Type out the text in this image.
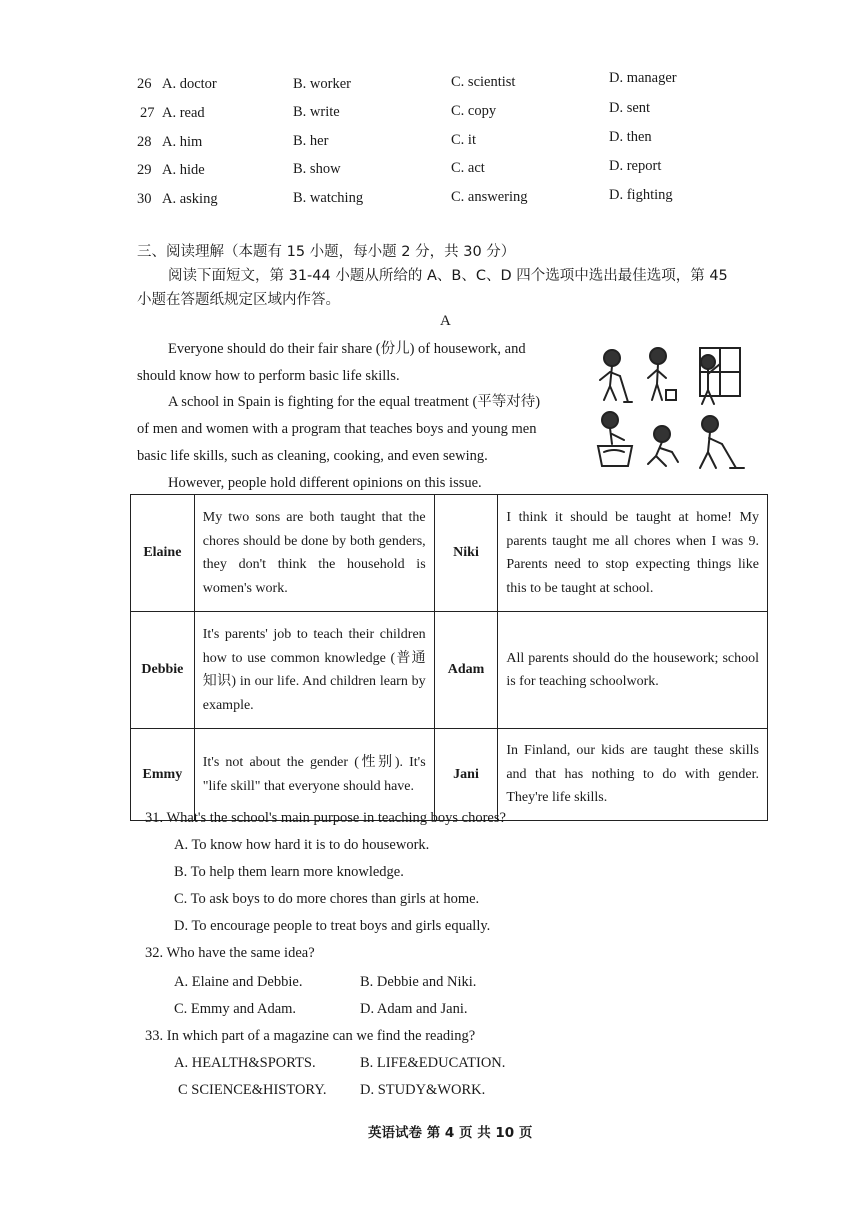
26 A. doctor	B. worker	C. scientist	D. manager
27 A. read	B. write	C. copy	D. sent
28 A. him	B. her	C. it	D. then
29 A. hide	B. show	C. act	D. report
30 A. asking	B. watching	C. answering	D. fighting
三、阅读理解（本题有 15 小题，每小题 2 分，共 30 分）
阅读下面短文，第 31-44 小题从所给的 A、B、C、D 四个选项中选出最佳选项，第 45
小题在答题纸规定区域内作答。
A
Everyone should do their fair share (份儿) of housework, and
should know how to perform basic life skills.
A school in Spain is fighting for the equal treatment (平等对待)
of men and women with a program that teaches boys and young men
basic life skills, such as cleaning, cooking, and even sewing.
However, people hold different opinions on this issue.
Elaine	My two sons are both taught that the chores should be done by both genders, they don't think the household is women's work.	Niki	I think it should be taught at home! My parents taught me all chores when I was 9. Parents need to stop expecting things like this to be taught at school.
Debbie	It's parents' job to teach their children how to use common knowledge (普通知识) in our life. And children learn by example.	Adam	All parents should do the housework; school is for teaching schoolwork.
Emmy	It's not about the gender (性别). It's "life skill" that everyone should have.	Jani	In Finland, our kids are taught these skills and that has nothing to do with gender. They're life skills.
31. What's the school's main purpose in teaching boys chores?
A. To know how hard it is to do housework.
B. To help them learn more knowledge.
C. To ask boys to do more chores than girls at home.
D. To encourage people to treat boys and girls equally.
32. Who have the same idea?
A. Elaine and Debbie.	B. Debbie and Niki.
C. Emmy and Adam.	D. Adam and Jani.
33. In which part of a magazine can we find the reading?
A. HEALTH&SPORTS.	B. LIFE&EDUCATION.
C SCIENCE&HISTORY. D. STUDY&WORK.
英语试卷 第 4 页 共 10 页
